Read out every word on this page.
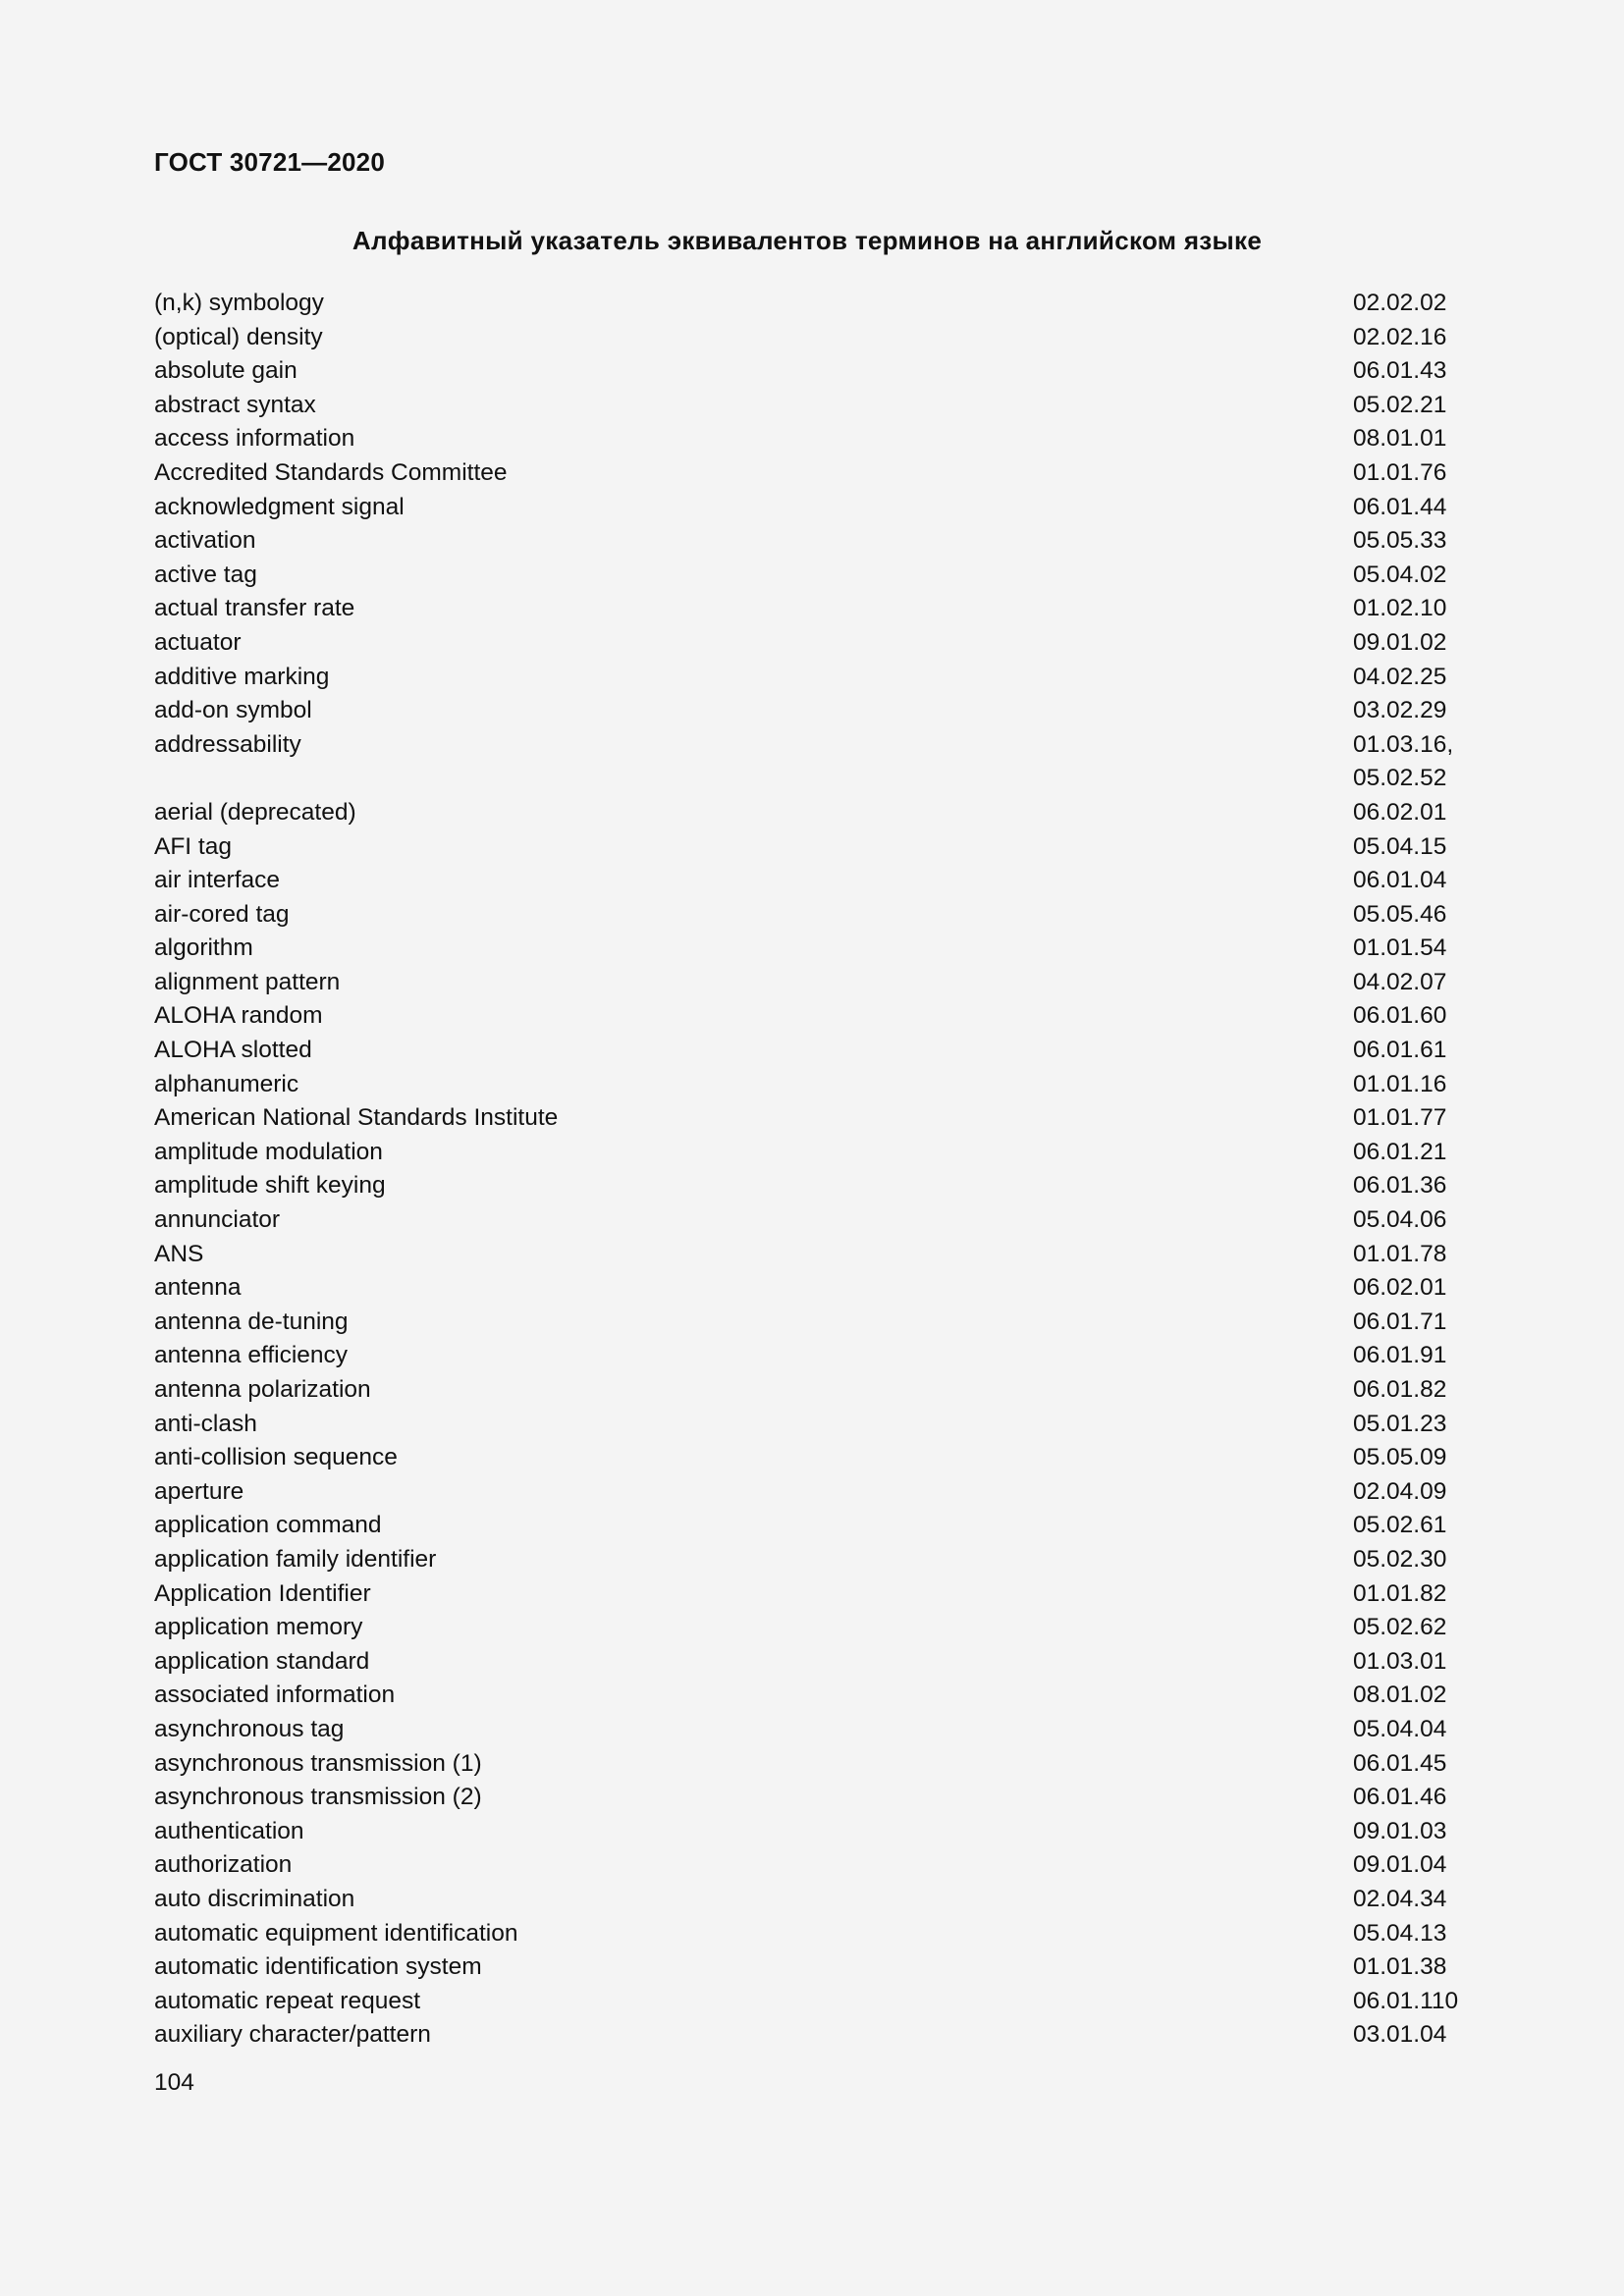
ГОСТ 30721—2020
Алфавитный указатель эквивалентов терминов на английском языке
(n,k) symbology	02.02.02
(optical) density	02.02.16
absolute gain	06.01.43
abstract syntax	05.02.21
access information	08.01.01
Accredited Standards Committee	01.01.76
acknowledgment signal	06.01.44
activation	05.05.33
active tag	05.04.02
actual transfer rate	01.02.10
actuator	09.01.02
additive marking	04.02.25
add-on symbol	03.02.29
addressability	01.03.16,
05.02.52
aerial (deprecated)	06.02.01
AFI tag	05.04.15
air interface	06.01.04
air-cored tag	05.05.46
algorithm	01.01.54
alignment pattern	04.02.07
ALOHA random	06.01.60
ALOHA slotted	06.01.61
alphanumeric	01.01.16
American National Standards Institute	01.01.77
amplitude modulation	06.01.21
amplitude shift keying	06.01.36
annunciator	05.04.06
ANS	01.01.78
antenna	06.02.01
antenna de-tuning	06.01.71
antenna efficiency	06.01.91
antenna polarization	06.01.82
anti-clash	05.01.23
anti-collision sequence	05.05.09
aperture	02.04.09
application command	05.02.61
application family identifier	05.02.30
Application Identifier	01.01.82
application memory	05.02.62
application standard	01.03.01
associated information	08.01.02
asynchronous tag	05.04.04
asynchronous transmission (1)	06.01.45
asynchronous transmission (2)	06.01.46
authentication	09.01.03
authorization	09.01.04
auto discrimination	02.04.34
automatic equipment identification	05.04.13
automatic identification system	01.01.38
automatic repeat request	06.01.110
auxiliary character/pattern	03.01.04
104
